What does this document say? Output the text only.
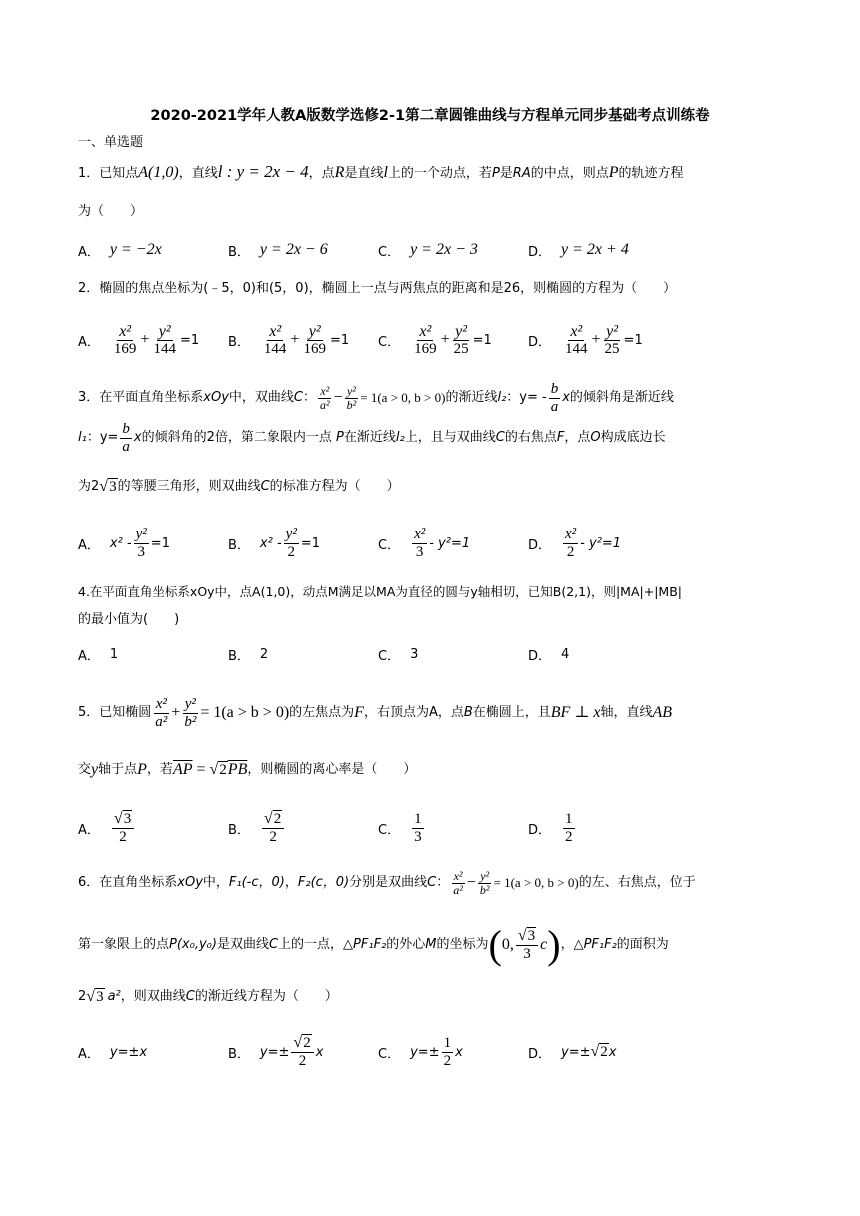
2020-2021学年人教A版数学选修2-1第二章圆锥曲线与方程单元同步基础考点训练卷
一、单选题
1．已知点A(1,0)，直线l : y = 2x − 4，点R是直线l上的一个动点，若P是RA的中点，则点P的轨迹方程
为（　　）
A． y = −2x	B． y = 2x − 6	C． y = 2x − 3	D． y = 2x + 4
2．椭圆的焦点坐标为(﹣5，0)和(5，0)，椭圆上一点与两焦点的距离和是26，则椭圆的方程为（　　）
A． $\frac{\text{x²}}{169} + \frac{\text{y²}}{144} =1$ B． $\frac{\text{x²}}{144} + \frac{\text{y²}}{169} =1$ C． $\frac{\text{x²}}{169} + \frac{\text{y²}}{25} =1$	D． $\frac{\text{x²}}{144} + \frac{\text{y²}}{25} =1$
3．在平面直角坐标系 xOy 中，双曲线 C ： $\frac{\text{x²}}{\text{a²}} - \frac{\text{y²}}{\text{b²}} = 1(a > 0$, b > 0) 的渐近线 l₂ ：$y= - \frac{b}{a}$ x 的倾斜角是渐近线
l₁ ：$y= \frac{b}{a}$ x 的倾斜角的2倍，第二象限内一点
P 在渐近线 l₂ 上，且与双曲线 C 的右焦点 F ，点 O 构成底边长
为2 √3 的等腰三角形，则双曲线 C 的标准方程为（　　）
A． $x^2 - \frac{\text{y²}}{3} =1$	B． $x^2 - \frac{\text{y²}}{2} =1$	C． $\frac{\text{x²}}{3} - y^2=1$	D． $\frac{\text{x²}}{2} - y^2=1$
4.在平面直角坐标系xOy中，点A(1,0)，动点M满足以MA为直径的圆与y轴相切，已知B(2,1)，则|MA|+|MB|
的最小值为(　　)
A． 1	B． 2	C． 3	D． 4
5．已知椭圆 $\frac{\text{x²}}{\text{a²}} + \frac{\text{y²}}{\text{b²}} = 1(a > b > 0)$ 的左焦点为 F ，右顶点为A，点 B 在椭圆上，且 BF ⊥ x 轴，直线 AB
交 y 轴于点 P ，若 $\overline{AP} = √2$ $\overline{PB}$ ，则椭圆的离心率是（　　）
A． $\frac{√3}{2}$	B． $\frac{√2}{2}$	C． $\frac{1}{3}$	D． $\frac{1}{2}$
6．在直角坐标系 xOy 中， F₁(-c，0) ， F₂(c，0) 分别是双曲线 C ： $\frac{\text{x²}}{\text{a²}} - \frac{\text{y²}}{\text{b²}} = 1(a > 0$, b > 0) 的左、右焦点，位于
第一象限上的点 P(x₀,y₀) 是双曲线 C 上的一点，△ PF₁F₂ 的外心 M 的坐标为 ( 0, $\frac{√3}{3}$ c ) ，△ PF₁F₂ 的面积为
2 √3 a² ，则双曲线 C 的渐近线方程为（　　）
A． y=±x	B． $y=\pm \frac{√2}{2}$ x	C． $y=\pm \frac{1}{2}$ x	D． y=± √2 x
